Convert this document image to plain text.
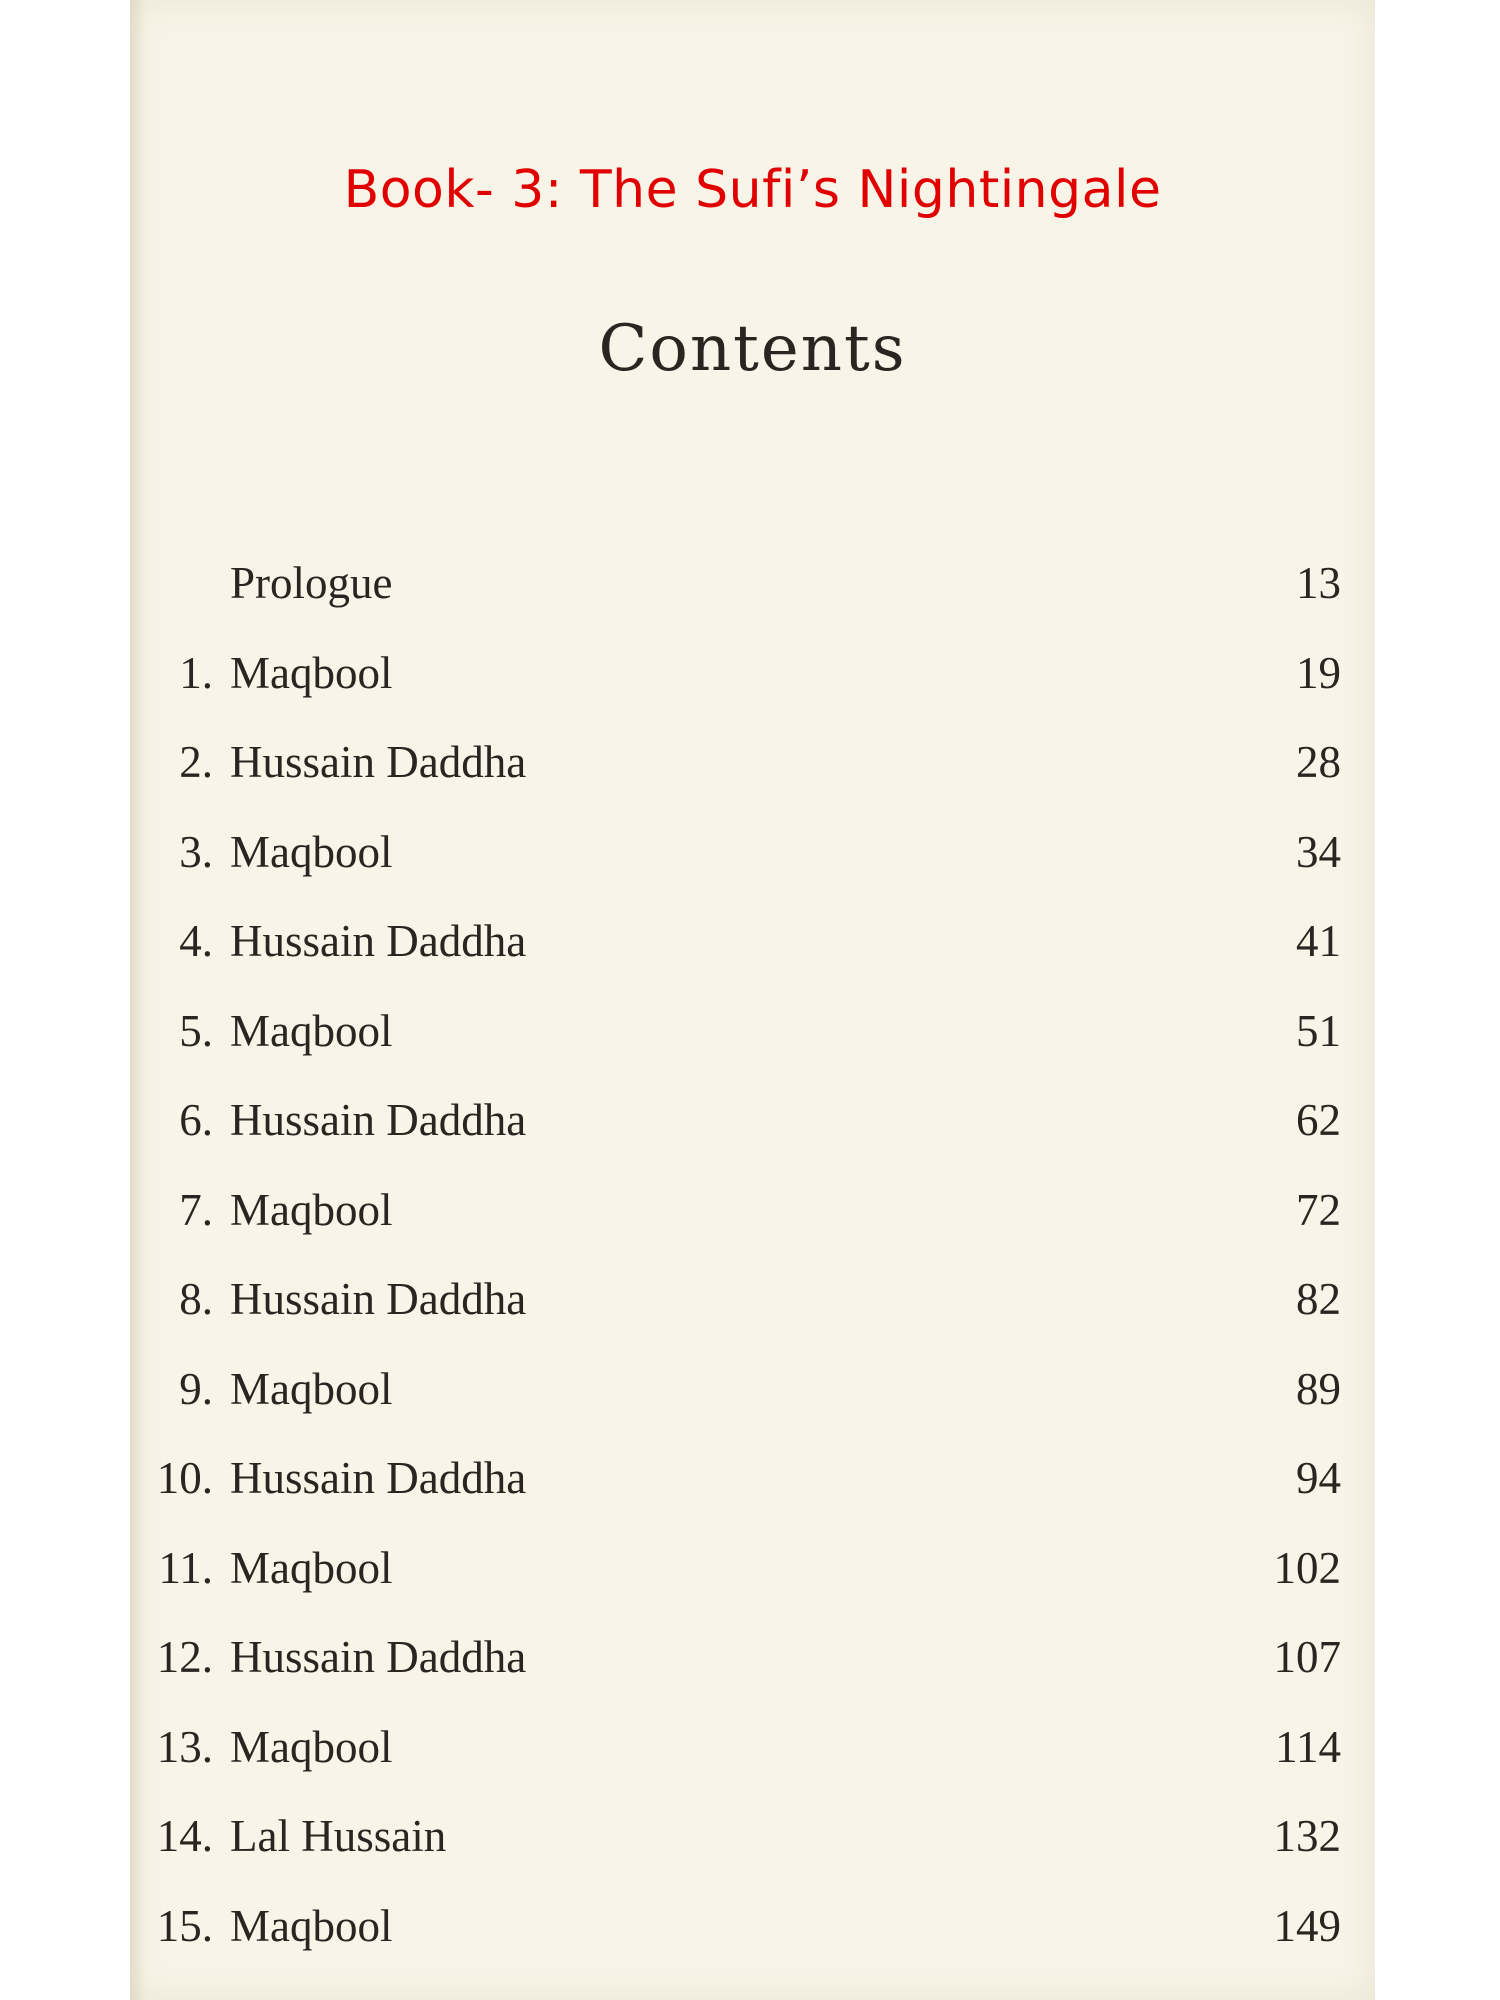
Book- 3: The Sufi’s Nightingale
Contents
Prologue	13
1. Maqbool	19
2. Hussain Daddha	28
3. Maqbool	34
4. Hussain Daddha	41
5. Maqbool	51
6. Hussain Daddha	62
7. Maqbool	72
8. Hussain Daddha	82
9. Maqbool	89
10. Hussain Daddha	94
11. Maqbool	102
12. Hussain Daddha	107
13. Maqbool	114
14. Lal Hussain	132
15. Maqbool	149
